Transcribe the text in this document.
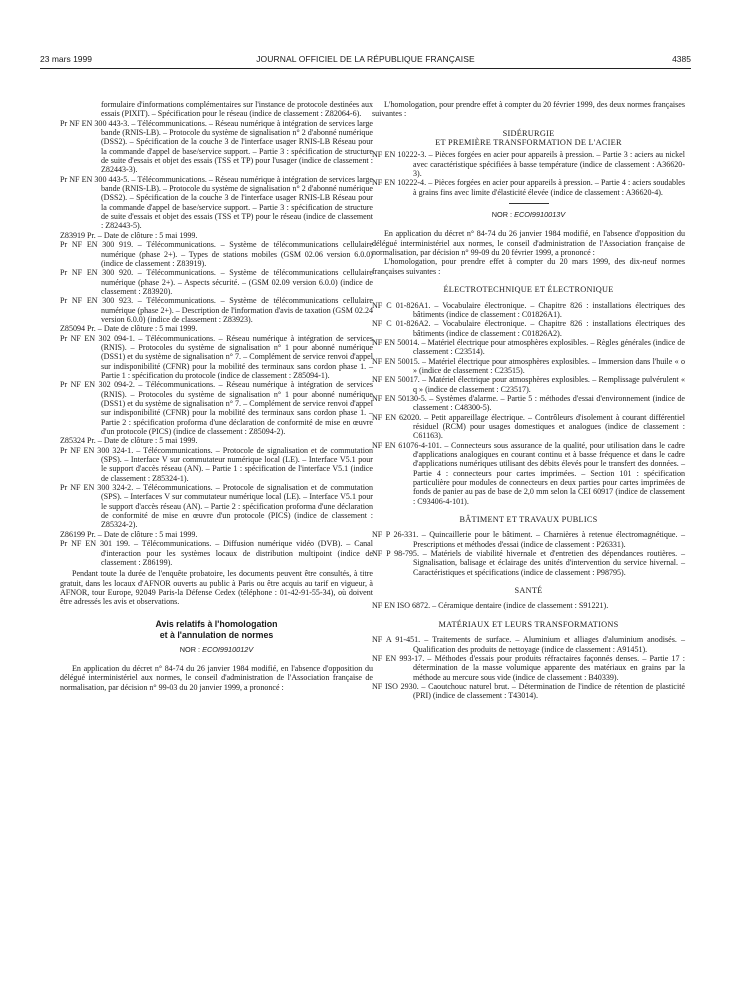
23 mars 1999	JOURNAL OFFICIEL DE LA RÉPUBLIQUE FRANÇAISE	4385

formulaire d'informations complémentaires sur l'instance de protocole destinées aux essais (PIXIT). – Spécification pour le réseau (indice de classement : Z82064-6).

Pr NF EN 300 443-3. – Télécommunications. – Réseau numérique à intégration de services large bande (RNIS-LB). – Protocole du système de signalisation n° 2 d'abonné numérique (DSS2). – Spécification de la couche 3 de l'interface usager RNIS-LB Réseau pour la commande d'appel de base/service support. – Partie 3 : spécification de structure de suite d'essais et objet des essais (TSS et TP) pour l'usager (indice de classement : Z82443-3).

Pr NF EN 300 443-5. – Télécommunications. – Réseau numérique à intégration de services large bande (RNIS-LB). – Protocole du système de signalisation n° 2 d'abonné numérique (DSS2). – Spécification de la couche 3 de l'interface usager RNIS-LB Réseau pour la commande d'appel de base/service support. – Partie 3 : spécification de structure de suite d'essais et objet des essais (TSS et TP) pour le réseau (indice de classement : Z82443-5).

Z83919 Pr. – Date de clôture : 5 mai 1999.

Pr NF EN 300 919. – Télécommunications. – Système de télécommunications cellulaire numérique (phase 2+). – Types de stations mobiles (GSM 02.06 version 6.0.0) (indice de classement : Z83919).

Pr NF EN 300 920. – Télécommunications. – Système de télécommunications cellulaire numérique (phase 2+). – Aspects sécurité. – (GSM 02.09 version 6.0.0) (indice de classement : Z83920).

Pr NF EN 300 923. – Télécommunications. – Système de télécommunications cellulaire numérique (phase 2+). – Description de l'information d'avis de taxation (GSM 02.24 version 6.0.0) (indice de classement : Z83923).

Z85094 Pr. – Date de clôture : 5 mai 1999.

Pr NF EN 302 094-1. – Télécommunications. – Réseau numérique à intégration de services (RNIS). – Protocoles du système de signalisation n° 1 pour abonné numérique (DSS1) et du système de signalisation n° 7. – Complément de service renvoi d'appel sur indisponibilité (CFNR) pour la mobilité des terminaux sans cordon phase 1. – Partie 1 : spécification du protocole (indice de classement : Z85094-1).

Pr NF EN 302 094-2. – Télécommunications. – Réseau numérique à intégration de services (RNIS). – Protocoles du système de signalisation n° 1 pour abonné numérique (DSS1) et du système de signalisation n° 7. – Complément de service renvoi d'appel sur indisponibilité (CFNR) pour la mobilité des terminaux sans cordon phase 1. – Partie 2 : spécification proforma d'une déclaration de conformité de mise en œuvre d'un protocole (PICS) (indice de classement : Z85094-2).

Z85324 Pr. – Date de clôture : 5 mai 1999.

Pr NF EN 300 324-1. – Télécommunications. – Protocole de signalisation et de commutation (SPS). – Interface V sur commutateur numérique local (LE). – Interface V5.1 pour le support d'accès réseau (AN). – Partie 1 : spécification de l'interface V5.1 (indice de classement : Z85324-1).

Pr NF EN 300 324-2. – Télécommunications. – Protocole de signalisation et de commutation (SPS). – Interfaces V sur commutateur numérique local (LE). – Interface V5.1 pour le support d'accès réseau (AN). – Partie 2 : spécification proforma d'une déclaration de conformité de mise en œuvre d'un protocole (PICS) (indice de classement : Z85324-2).

Z86199 Pr. – Date de clôture : 5 mai 1999.

Pr NF EN 301 199. – Télécommunications. – Diffusion numérique vidéo (DVB). – Canal d'interaction pour les systèmes locaux de distribution multipoint (indice de classement : Z86199).

Pendant toute la durée de l'enquête probatoire, les documents peuvent être consultés, à titre gratuit, dans les locaux d'AFNOR ouverts au public à Paris ou être acquis au tarif en vigueur, à AFNOR, tour Europe, 92049 Paris-la Défense Cedex (téléphone : 01-42-91-55-34), où doivent être adressés les avis et observations.

Avis relatifs à l'homologation
et à l'annulation de normes
NOR : ECOI9910012V

En application du décret n° 84-74 du 26 janvier 1984 modifié, en l'absence d'opposition du délégué interministériel aux normes, le conseil d'administration de l'Association française de normalisation, par décision n° 99-03 du 20 janvier 1999, a prononcé :

L'homologation, pour prendre effet à compter du 20 février 1999, des deux normes françaises suivantes :

SIDÉRURGIE
ET PREMIÈRE TRANSFORMATION DE L'ACIER

NF EN 10222-3. – Pièces forgées en acier pour appareils à pression. – Partie 3 : aciers au nickel avec caractéristique spécifiées à basse température (indice de classement : A36620-3).

NF EN 10222-4. – Pièces forgées en acier pour appareils à pression. – Partie 4 : aciers soudables à grains fins avec limite d'élasticité élevée (indice de classement : A36620-4).

NOR : ECOI9910013V

En application du décret n° 84-74 du 26 janvier 1984 modifié, en l'absence d'opposition du délégué interministériel aux normes, le conseil d'administration de l'Association française de normalisation, par décision n° 99-09 du 20 février 1999, a prononcé :

L'homologation, pour prendre effet à compter du 20 mars 1999, des dix-neuf normes françaises suivantes :

ÉLECTROTECHNIQUE ET ÉLECTRONIQUE

NF C 01-826A1. – Vocabulaire électronique. – Chapitre 826 : installations électriques des bâtiments (indice de classement : C01826A1).

NF C 01-826A2. – Vocabulaire électronique. – Chapitre 826 : installations électriques des bâtiments (indice de classement : C01826A2).

NF EN 50014. – Matériel électrique pour atmosphères explosibles. – Règles générales (indice de classement : C23514).

NF EN 50015. – Matériel électrique pour atmosphères explosibles. – Immersion dans l'huile « o » (indice de classement : C23515).

NF EN 50017. – Matériel électrique pour atmosphères explosibles. – Remplissage pulvérulent « q » (indice de classement : C23517).

NF EN 50130-5. – Systèmes d'alarme. – Partie 5 : méthodes d'essai d'environnement (indice de classement : C48300-5).

NF EN 62020. – Petit appareillage électrique. – Contrôleurs d'isolement à courant différentiel résiduel (RCM) pour usages domestiques et analogues (indice de classement : C61163).

NF EN 61076-4-101. – Connecteurs sous assurance de la qualité, pour utilisation dans le cadre d'applications analogiques en courant continu et à basse fréquence et dans le cadre d'applications numériques utilisant des débits élevés pour le transfert des données. – Partie 4 : connecteurs pour cartes imprimées. – Section 101 : spécification particulière pour modules de connecteurs en deux parties pour cartes imprimées de fonds de panier au pas de base de 2,0 mm selon la CEI 60917 (indice de classement : C93406-4-101).

BÂTIMENT ET TRAVAUX PUBLICS

NF P 26-331. – Quincaillerie pour le bâtiment. – Charnières à retenue électromagnétique. – Prescriptions et méthodes d'essai (indice de classement : P26331).

NF P 98-795. – Matériels de viabilité hivernale et d'entretien des dépendances routières. – Signalisation, balisage et éclairage des unités d'intervention du service hivernal. – Caractéristiques et spécifications (indice de classement : P98795).

SANTÉ

NF EN ISO 6872. – Céramique dentaire (indice de classement : S91221).

MATÉRIAUX ET LEURS TRANSFORMATIONS

NF A 91-451. – Traitements de surface. – Aluminium et alliages d'aluminium anodisés. – Qualification des produits de nettoyage (indice de classement : A91451).

NF EN 993-17. – Méthodes d'essais pour produits réfractaires façonnés denses. – Partie 17 : détermination de la masse volumique apparente des matériaux en grains par la méthode au mercure sous vide (indice de classement : B40339).

NF ISO 2930. – Caoutchouc naturel brut. – Détermination de l'indice de rétention de plasticité (PRI) (indice de classement : T43014).
